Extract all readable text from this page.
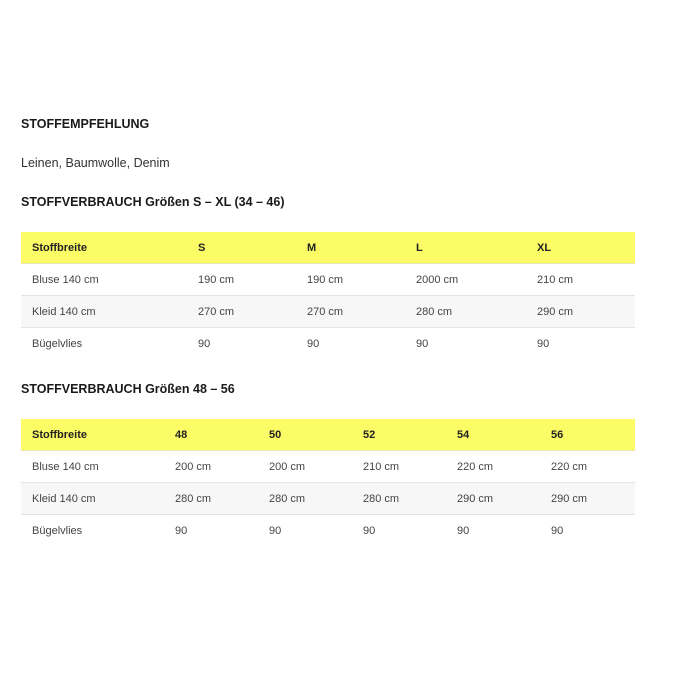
STOFFEMPFEHLUNG
Leinen, Baumwolle, Denim
STOFFVERBRAUCH Größen S – XL (34 – 46)
Stoffbreite	S	M	L	XL
Bluse 140 cm	190 cm	190 cm	2000 cm	210 cm
Kleid 140 cm	270 cm	270 cm	280 cm	290 cm
Bügelvlies	90	90	90	90
STOFFVERBRAUCH Größen 48 – 56
Stoffbreite	48	50	52	54	56
Bluse 140 cm	200 cm	200 cm	210 cm	220 cm	220 cm
Kleid 140 cm	280 cm	280 cm	280 cm	290 cm	290 cm
Bügelvlies	90	90	90	90	90
